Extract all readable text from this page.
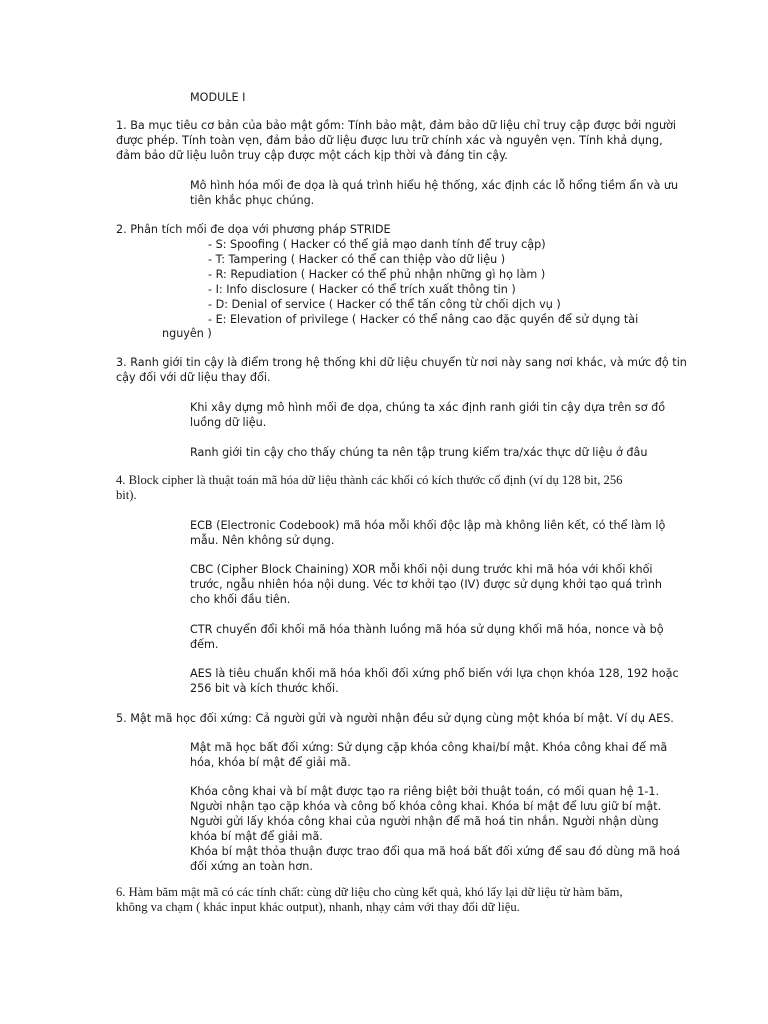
MODULE I

1. Ba mục tiêu cơ bản của bảo mật gồm: Tính bảo mật, đảm bảo dữ liệu chỉ truy cập được bởi người
được phép. Tính toàn vẹn, đảm bảo dữ liệu được lưu trữ chính xác và nguyên vẹn. Tính khả dụng,
đảm bảo dữ liệu luôn truy cập được một cách kịp thời và đáng tin cậy.

Mô hình hóa mối đe dọa là quá trình hiểu hệ thống, xác định các lỗ hổng tiềm ẩn và ưu
tiên khắc phục chúng.

2. Phân tích mối đe dọa với phương pháp STRIDE

- S: Spoofing ( Hacker có thể giả mạo danh tính để truy cập)
- T: Tampering ( Hacker có thể can thiệp vào dữ liệu )
- R: Repudiation ( Hacker có thể phủ nhận những gì họ làm )
- I: Info disclosure ( Hacker có thể trích xuất thông tin )
- D: Denial of service ( Hacker có thể tấn công từ chối dịch vụ )
- E: Elevation of privilege ( Hacker có thể nâng cao đặc quyền để sử dụng tài

nguyên )

3. Ranh giới tin cậy là điểm trong hệ thống khi dữ liệu chuyển từ nơi này sang nơi khác, và mức độ tin
cậy đối với dữ liệu thay đổi.

Khi xây dựng mô hình mối đe dọa, chúng ta xác định ranh giới tin cậy dựa trên sơ đồ
luồng dữ liệu.

Ranh giới tin cậy cho thấy chúng ta nên tập trung kiểm tra/xác thực dữ liệu ở đâu

4. Block cipher là thuật toán mã hóa dữ liệu thành các khối có kích thước cố định (ví dụ 128 bit, 256
bit).

ECB (Electronic Codebook) mã hóa mỗi khối độc lập mà không liên kết, có thể làm lộ
mẫu. Nên không sử dụng.

CBC (Cipher Block Chaining) XOR mỗi khối nội dung trước khi mã hóa với khối khối
trước, ngẫu nhiên hóa nội dung. Véc tơ khởi tạo (IV) được sử dụng khởi tạo quá trình
cho khối đầu tiên.

CTR chuyển đổi khối mã hóa thành luồng mã hóa sử dụng khối mã hóa, nonce và bộ
đếm.

AES là tiêu chuẩn khối mã hóa khối đối xứng phổ biến với lựa chọn khóa 128, 192 hoặc
256 bit và kích thước khối.

5. Mật mã học đối xứng: Cả người gửi và người nhận đều sử dụng cùng một khóa bí mật. Ví dụ AES.

Mật mã học bất đối xứng: Sử dụng cặp khóa công khai/bí mật. Khóa công khai để mã
hóa, khóa bí mật để giải mã.

Khóa công khai và bí mật được tạo ra riêng biệt bởi thuật toán, có mối quan hệ 1-1.
Người nhận tạo cặp khóa và công bố khóa công khai. Khóa bí mật để lưu giữ bí mật.
Người gửi lấy khóa công khai của người nhận để mã hoá tin nhắn. Người nhận dùng
khóa bí mật để giải mã.
Khóa bí mật thỏa thuận được trao đổi qua mã hoá bất đối xứng để sau đó dùng mã hoá
đối xứng an toàn hơn.

6. Hàm băm mật mã có các tính chất: cùng dữ liệu cho cùng kết quả, khó lấy lại dữ liệu từ hàm băm,
không va chạm ( khác input khác output), nhanh, nhạy cảm với thay đổi dữ liệu.
